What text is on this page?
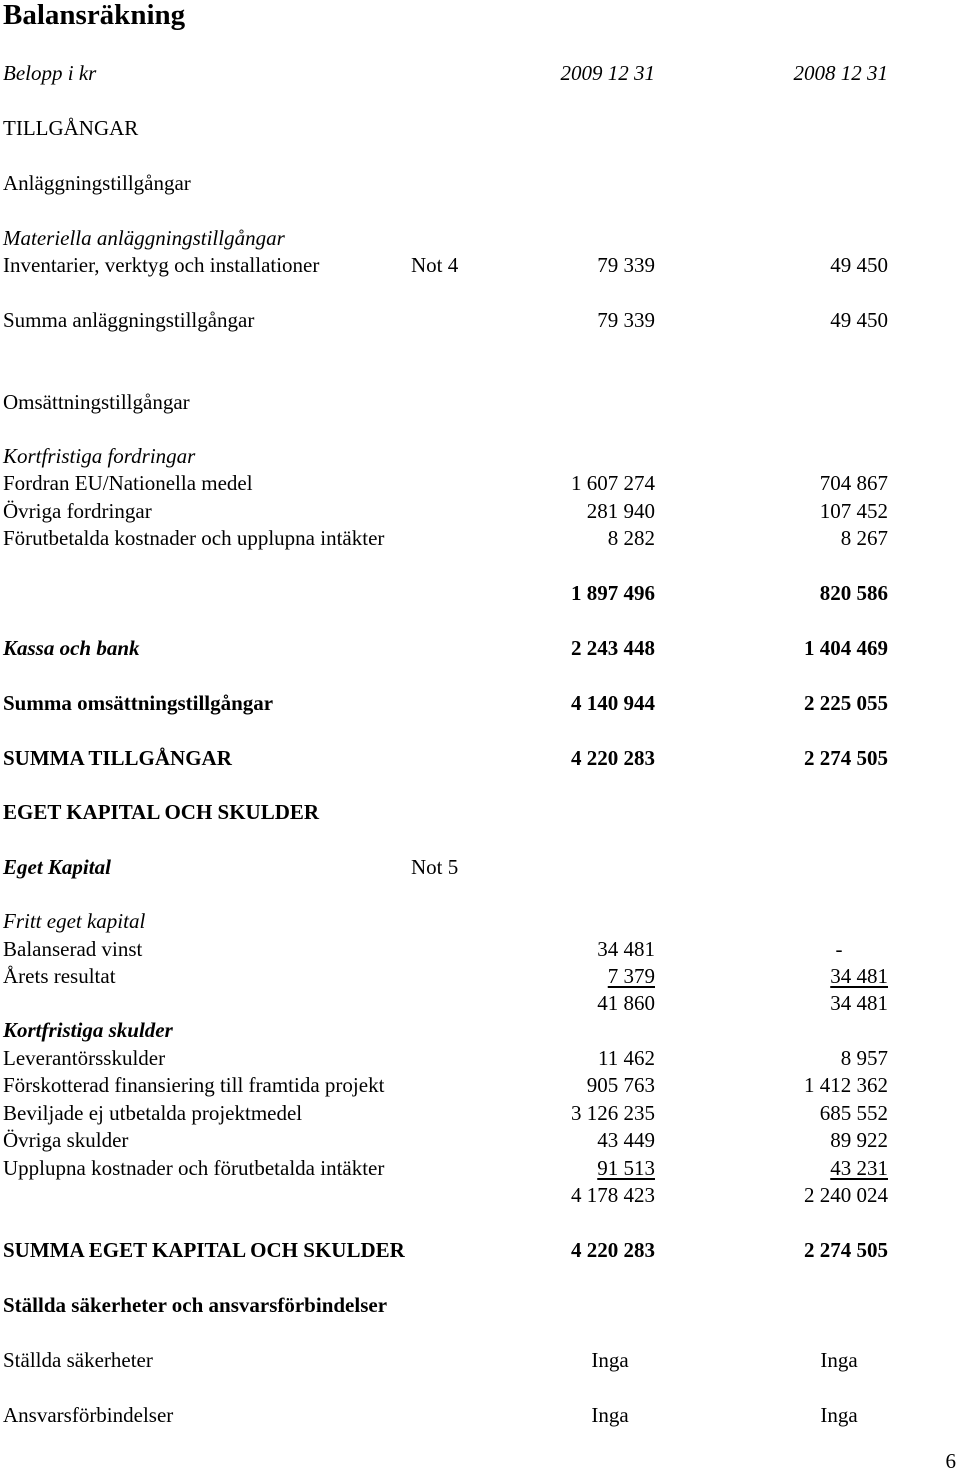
Balansräkning
Belopp i kr	2009 12 31	2008 12 31
TILLGÅNGAR
Anläggningstillgångar
Materiella anläggningstillgångar
Inventarier, verktyg och installationer	Not 4	79 339	49 450
Summa anläggningstillgångar	79 339	49 450
Omsättningstillgångar
Kortfristiga fordringar
Fordran EU/Nationella medel	1 607 274	704 867
Övriga fordringar	281 940	107 452
Förutbetalda kostnader och upplupna intäkter	8 282	8 267
1 897 496	820 586
Kassa och bank	2 243 448	1 404 469
Summa omsättningstillgångar	4 140 944	2 225 055
SUMMA TILLGÅNGAR	4 220 283	2 274 505
EGET KAPITAL OCH SKULDER
Eget Kapital	Not 5
Fritt eget kapital
Balanserad vinst	34 481	-
Årets resultat	7 379	34 481
41 860	34 481
Kortfristiga skulder
Leverantörsskulder	11 462	8 957
Förskotterad finansiering till framtida projekt	905 763	1 412 362
Beviljade ej utbetalda projektmedel	3 126 235	685 552
Övriga skulder	43 449	89 922
Upplupna kostnader och förutbetalda intäkter	91 513	43 231
4 178 423	2 240 024
SUMMA EGET KAPITAL OCH SKULDER	4 220 283	2 274 505
Ställda säkerheter och ansvarsförbindelser
Ställda säkerheter	Inga	Inga
Ansvarsförbindelser	Inga	Inga
6
